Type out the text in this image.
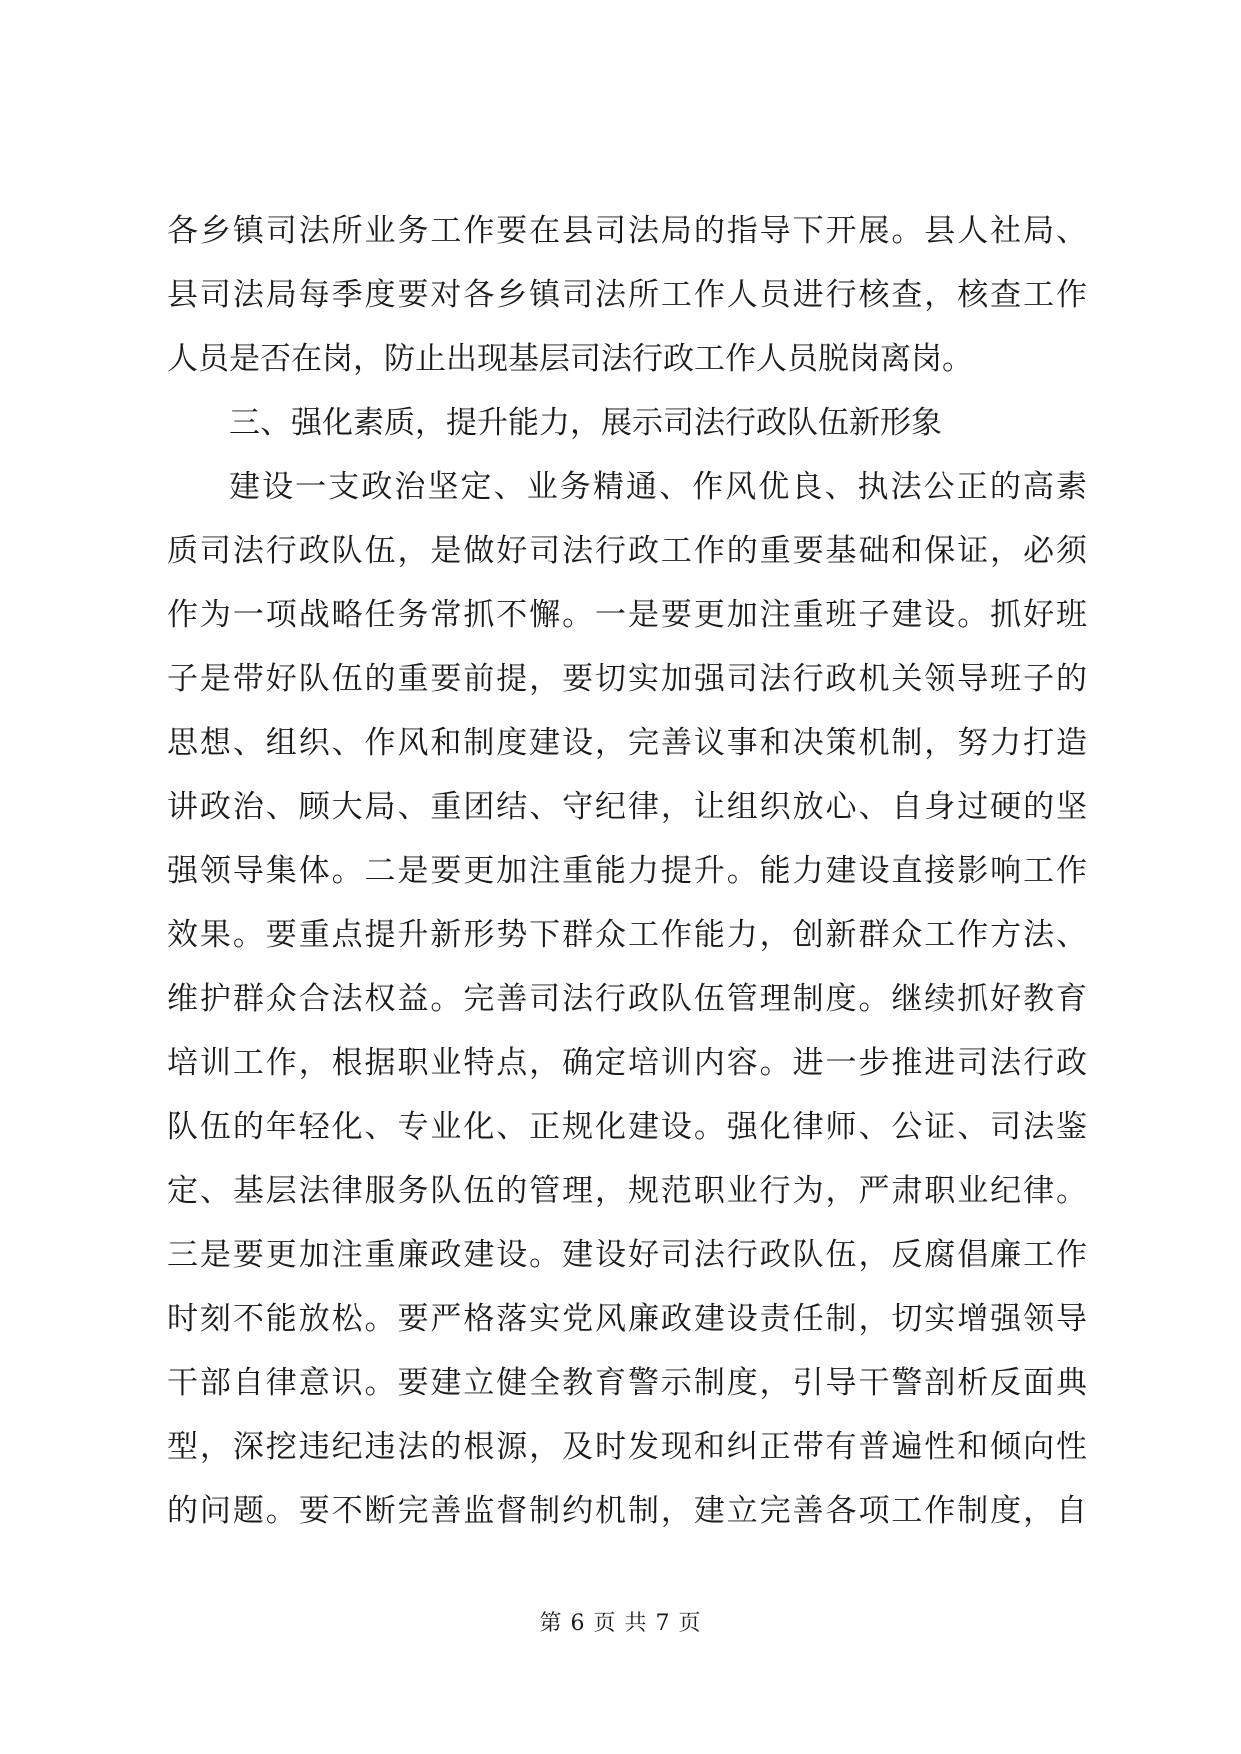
各乡镇司法所业务工作要在县司法局的指导下开展。县人社局、
县司法局每季度要对各乡镇司法所工作人员进行核查，核查工作
人员是否在岗，防止出现基层司法行政工作人员脱岗离岗。
三、强化素质，提升能力，展示司法行政队伍新形象
建设一支政治坚定、业务精通、作风优良、执法公正的高素
质司法行政队伍，是做好司法行政工作的重要基础和保证，必须
作为一项战略任务常抓不懈。一是要更加注重班子建设。抓好班
子是带好队伍的重要前提，要切实加强司法行政机关领导班子的
思想、组织、作风和制度建设，完善议事和决策机制，努力打造
讲政治、顾大局、重团结、守纪律，让组织放心、自身过硬的坚
强领导集体。二是要更加注重能力提升。能力建设直接影响工作
效果。要重点提升新形势下群众工作能力，创新群众工作方法、
维护群众合法权益。完善司法行政队伍管理制度。继续抓好教育
培训工作，根据职业特点，确定培训内容。进一步推进司法行政
队伍的年轻化、专业化、正规化建设。强化律师、公证、司法鉴
定、基层法律服务队伍的管理，规范职业行为，严肃职业纪律。
三是要更加注重廉政建设。建设好司法行政队伍，反腐倡廉工作
时刻不能放松。要严格落实党风廉政建设责任制，切实增强领导
干部自律意识。要建立健全教育警示制度，引导干警剖析反面典
型，深挖违纪违法的根源，及时发现和纠正带有普遍性和倾向性
的问题。要不断完善监督制约机制，建立完善各项工作制度，自
第 6 页 共 7 页
